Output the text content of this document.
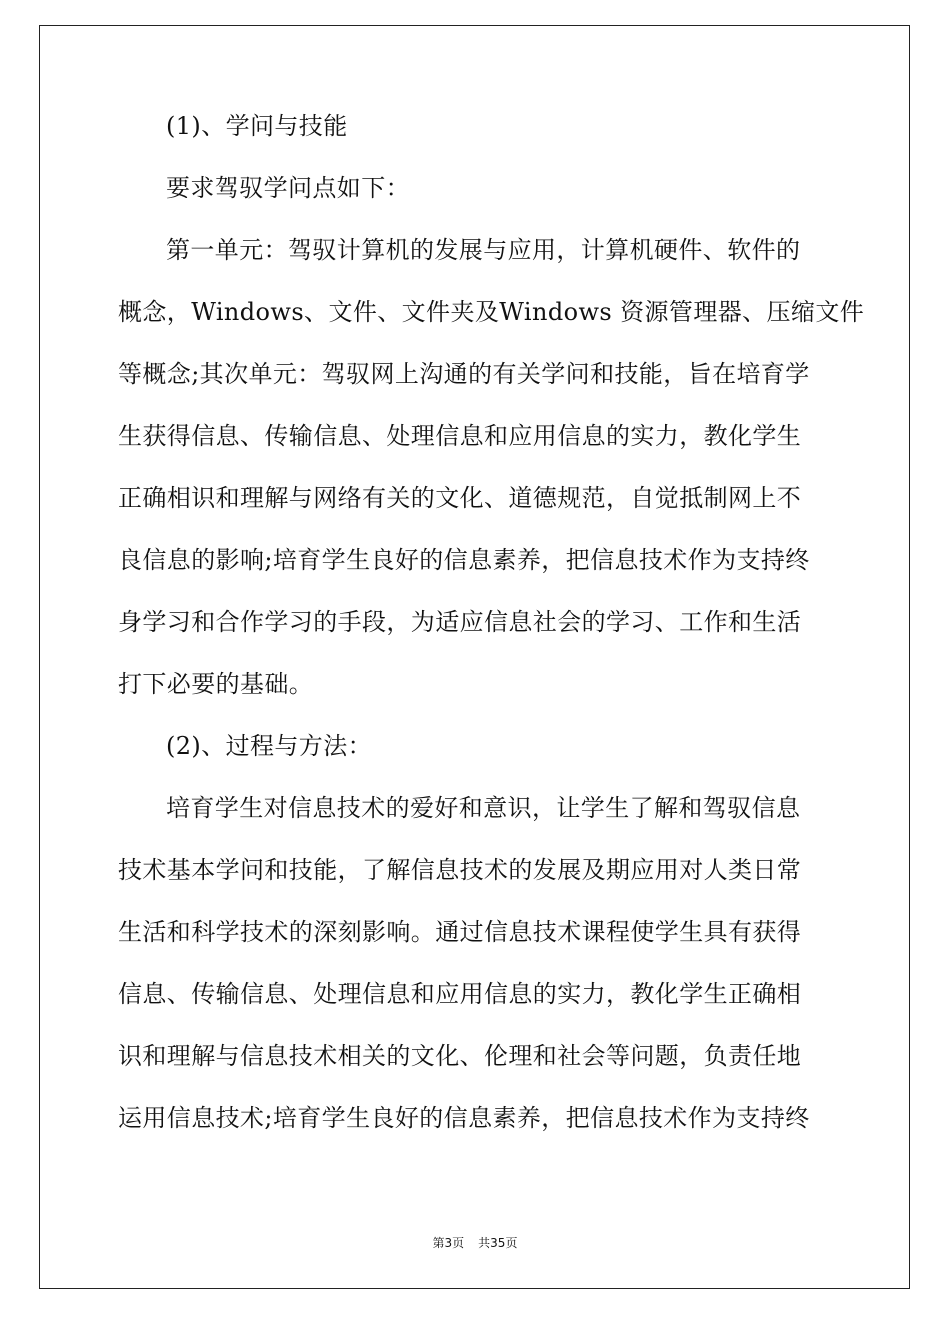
(1)、学问与技能
要求驾驭学问点如下：
第一单元：驾驭计算机的发展与应用，计算机硬件、软件的
概念，Windows、文件、文件夹及Windows 资源管理器、压缩文件
等概念;其次单元：驾驭网上沟通的有关学问和技能，旨在培育学
生获得信息、传输信息、处理信息和应用信息的实力，教化学生
正确相识和理解与网络有关的文化、道德规范，自觉抵制网上不
良信息的影响;培育学生良好的信息素养，把信息技术作为支持终
身学习和合作学习的手段，为适应信息社会的学习、工作和生活
打下必要的基础。
(2)、过程与方法：
培育学生对信息技术的爱好和意识，让学生了解和驾驭信息
技术基本学问和技能，了解信息技术的发展及期应用对人类日常
生活和科学技术的深刻影响。通过信息技术课程使学生具有获得
信息、传输信息、处理信息和应用信息的实力，教化学生正确相
识和理解与信息技术相关的文化、伦理和社会等问题，负责任地
运用信息技术;培育学生良好的信息素养，把信息技术作为支持终
第3页 共35页
